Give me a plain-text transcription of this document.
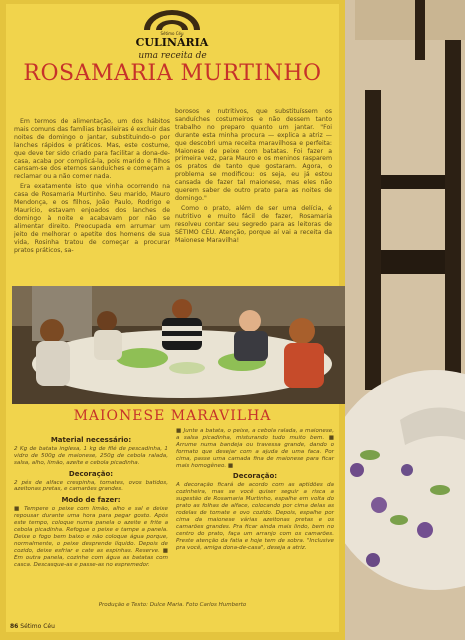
Sétimo Céu
CULINÁRIA
uma receita de
ROSAMARIA MURTINHO

Em termos de alimentação, um dos hábitos mais comuns das famílias brasileiras é excluir das noites de domingo o jantar, substituindo-o por lanches rápidos e práticos. Mas, este costume, que deve ter sido criado para facilitar a dona-de-casa, acaba por complicá-la, pois marido e filhos cansam-se dos eternos sanduíches e começam a reclamar ou a não comer nada.

Era exatamente isto que vinha ocorrendo na casa de Rosamaria Murtinho. Seu marido, Mauro Mendonça, e os filhos, João Paulo, Rodrigo e Maurício, estavam enjoados dos lanches de domingo à noite e acabavam por não se alimentar direito. Preocupada em arrumar um jeito de melhorar o apetite dos homens de sua vida, Rosinha tratou de começar a procurar pratos práticos, sa-

borosos e nutritivos, que substituíssem os sanduíches costumeiros e não dessem tanto trabalho no preparo quanto um jantar. "Foi durante esta minha procura — explica a atriz — que descobri uma receita maravilhosa e perfeita: Maionese de peixe com batatas. Foi fazer a primeira vez, para Mauro e os meninos rasparem os pratos de tanto que gostaram. Agora, o problema se modificou: os seja, eu já estou cansada de fazer tal maionese, mas eles não querem saber de outro prato para as noites de domingo."

Como o prato, além de ser uma delícia, é nutritivo e muito fácil de fazer, Rosamaria resolveu contar seu segredo para as leitoras de SÉTIMO CÉU. Atenção, porque aí vai a receita da Maionese Maravilha!

MAIONESE MARAVILHA
Material necessário:

2 Kg de batata inglesa, 1 kg de filé de pescadinha, 1 vidro de 500g de maionese, 250g de cebola ralada, salsa, alho, limão, azeite e cebola picadinha.

Decoração:

2 pés de alface crespinha, tomates, ovos batidos, azeitonas pretas, e camarões grandes.

Modo de fazer:

■ Tempere o peixe com limão, alho e sal e deixe repousar durante uma hora para pegar gosto. Após este tempo, coloque numa panela o azeite e frite a cebola picadinha. Refogue o peixe e tampe a panela. Deixe o fogo bem baixo e não coloque água porque, normalmente, o peixe desprende líquido. Depois de cozido, deixe esfriar e cate as espinhas. Reserve. ■ Em outra panela, cozinhe com água as batatas com casca. Descasque-as e passe-as no espremedor.

■ Junte a batata, o peixe, a cebola ralada, a maionese, a salsa picadinha, misturando tudo muito bem. ■ Arrume numa bandeja ou travessa grande, dando o formato que desejar com a ajuda de uma faca. Por cima, passe uma camada fina de maionese para ficar mais homogêneo. ■

Decoração:

A decoração ficará de acordo com as aptidões da cozinheira, mas se você quiser seguir a risca a sugestão de Rosamaria Murtinho, espalhe em volta do prato as folhas de alface, colocando por cima delas as rodelas de tomate e ovo cozido. Depois, espalhe por cima da maionese várias azeitonas pretas e os camarões grandes. Pra ficar ainda mais lindo, bem no centro do prato, faça um arranjo com os camarões. Preste atenção da fatia e hoje tem de sobra. "Inclusive pra você, amiga dona-de-casa", deseja a atriz.

Produção e Texto: Dulce Maria. Foto Carlos Humberto
86 Sétimo Céu
